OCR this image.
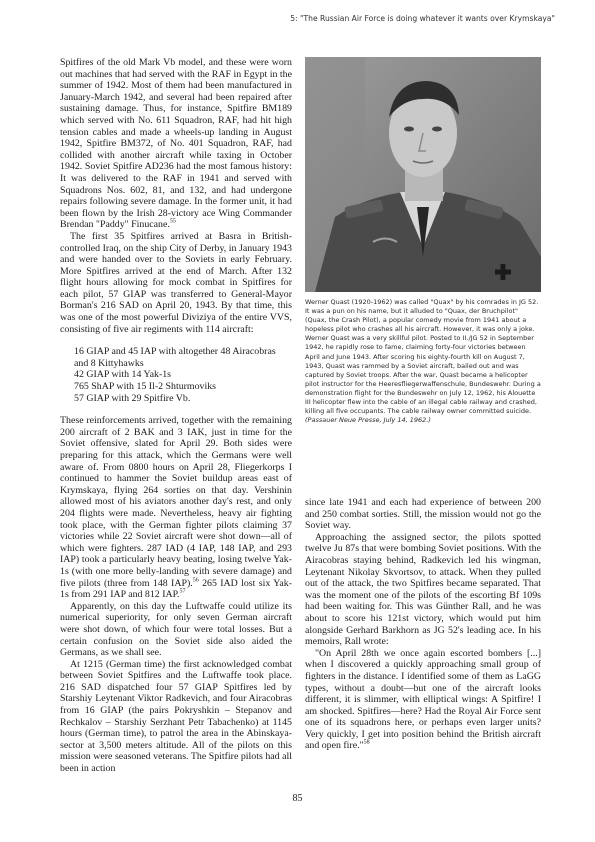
5: "The Russian Air Force is doing whatever it wants over Krymskaya"

Spitfires of the old Mark Vb model, and these were worn out machines that had served with the RAF in Egypt in the summer of 1942. Most of them had been manufactured in January-March 1942, and several had been repaired after sustaining damage. Thus, for instance, Spitfire BM189 which served with No. 611 Squadron, RAF, had hit high tension cables and made a wheels-up landing in August 1942, Spitfire BM372, of No. 401 Squadron, RAF, had collided with another aircraft while taxing in October 1942. Soviet Spitfire AD236 had the most famous history: It was delivered to the RAF in 1941 and served with Squadrons Nos. 602, 81, and 132, and had undergone repairs following severe damage. In the former unit, it had been flown by the Irish 28-victory ace Wing Commander Brendan "Paddy" Finucane.$^{55}$

The first 35 Spitfires arrived at Basra in British-controlled Iraq, on the ship City of Derby, in January 1943 and were handed over to the Soviets in early February. More Spitfires arrived at the end of March. After 132 flight hours allowing for mock combat in Spitfires for each pilot, 57 GIAP was transferred to General-Mayor Borman's 216 SAD on April 20, 1943. By that time, this was one of the most powerful Diviziya of the entire VVS, consisting of five air regiments with 114 aircraft:

16 GIAP and 45 IAP with altogether 48 Airacobras
and 8 Kittyhawks
42 GIAP with 14 Yak-1s
765 ShAP with 15 Il-2 Shturmoviks
57 GIAP with 29 Spitfire Vb.

These reinforcements arrived, together with the remaining 200 aircraft of 2 BAK and 3 IAK, just in time for the Soviet offensive, slated for April 29. Both sides were preparing for this attack, which the Germans were well aware of. From 0800 hours on April 28, Fliegerkorps I continued to hammer the Soviet buildup areas east of Krymskaya, flying 264 sorties on that day. Vershinin allowed most of his aviators another day's rest, and only 204 flights were made. Nevertheless, heavy air fighting took place, with the German fighter pilots claiming 37 victories while 22 Soviet aircraft were shot down—all of which were fighters. 287 IAD (4 IAP, 148 IAP, and 293 IAP) took a particularly heavy beating, losing twelve Yak-1s (with one more belly-landing with severe damage) and five pilots (three from 148 IAP).$^{56}$ 265 IAD lost six Yak-1s from 291 IAP and 812 IAP.$^{57}$

Apparently, on this day the Luftwaffe could utilize its numerical superiority, for only seven German aircraft were shot down, of which four were total losses. But a certain confusion on the Soviet side also aided the Germans, as we shall see.

At 1215 (German time) the first acknowledged combat between Soviet Spitfires and the Luftwaffe took place. 216 SAD dispatched four 57 GIAP Spitfires led by Starshiy Leytenant Viktor Radkevich, and four Airacobras from 16 GIAP (the pairs Pokryshkin – Stepanov and Rechkalov – Starshiy Serzhant Petr Tabachenko) at 1145 hours (German time), to patrol the area in the Abinskaya-sector at 3,500 meters altitude. All of the pilots on this mission were seasoned veterans. The Spitfire pilots had all been in action

Werner Quast (1920-1962) was called "Quax" by his comrades in JG 52. It was a pun on his name, but it alluded to "Quax, der Bruchpilot" (Quax, the Crash Pilot), a popular comedy movie from 1941 about a hopeless pilot who crashes all his aircraft. However, it was only a joke. Werner Quast was a very skillful pilot. Posted to II./JG 52 in September 1942, he rapidly rose to fame, claiming forty-four victories between April and June 1943. After scoring his eighty-fourth kill on August 7, 1943, Quast was rammed by a Soviet aircraft, bailed out and was captured by Soviet troops. After the war, Quast became a helicopter pilot instructor for the Heeresfliegerwaffenschule, Bundeswehr. During a demonstration flight for the Bundeswehr on July 12, 1962, his Alouette III helicopter flew into the cable of an illegal cable railway and crashed, killing all five occupants. The cable railway owner committed suicide. (Passauer Neue Presse, July 14, 1962.)

since late 1941 and each had experience of between 200 and 250 combat sorties. Still, the mission would not go the Soviet way.

Approaching the assigned sector, the pilots spotted twelve Ju 87s that were bombing Soviet positions. With the Airacobras staying behind, Radkevich led his wingman, Leytenant Nikolay Skvortsov, to attack. When they pulled out of the attack, the two Spitfires became separated. That was the moment one of the pilots of the escorting Bf 109s had been waiting for. This was Günther Rall, and he was about to score his 121st victory, which would put him alongside Gerhard Barkhorn as JG 52's leading ace. In his memoirs, Rall wrote:

"On April 28th we once again escorted bombers [...] when I discovered a quickly approaching small group of fighters in the distance. I identified some of them as LaGG types, without a doubt—but one of the aircraft looks different, it is slimmer, with elliptical wings: A Spitfire! I am shocked. Spitfires—here? Had the Royal Air Force sent one of its squadrons here, or perhaps even larger units? Very quickly, I get into position behind the British aircraft and open fire."$^{58}$

85
